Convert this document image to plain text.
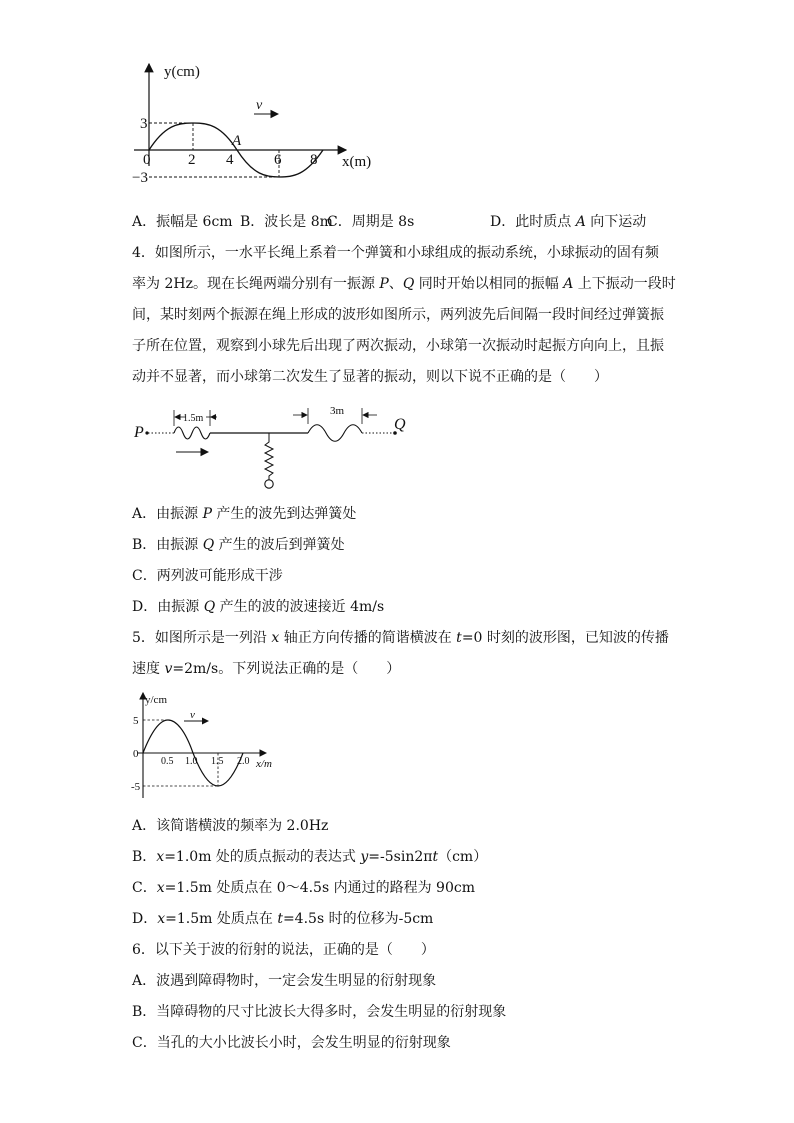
v
y(cm)
x(m)
0	2 4	6 8
3
−3
A
A．振幅是 6cm B．波长是 8m
C．周期是 8s	D．此时质点 A 向下运动
4．如图所示，一水平长绳上系着一个弹簧和小球组成的振动系统，小球振动的固有频
率为 2Hz。现在长绳两端分别有一振源 P、Q 同时开始以相同的振幅 A 上下振动一段时
间，某时刻两个振源在绳上形成的波形如图所示，两列波先后间隔一段时间经过弹簧振
子所在位置，观察到小球先后出现了两次振动，小球第一次振动时起振方向向上，且振
动并不显著，而小球第二次发生了显著的振动，则以下说不正确的是（　　）
P	Q
1.5m
3m
A．由振源 P 产生的波先到达弹簧处
B．由振源 Q 产生的波后到弹簧处
C．两列波可能形成干涉
D．由振源 Q 产生的波的波速接近 4m/s
5．如图所示是一列沿 x 轴正方向传播的简谐横波在 t=0 时刻的波形图，已知波的传播
速度 v=2m/s。下列说法正确的是（　　）
v
y/cm
x/m
0
5
-5
0.5 1.0 1.5 2.0
A．该简谐横波的频率为 2.0Hz
B．x=1.0m 处的质点振动的表达式 y=-5sin2πt（cm）
C．x=1.5m 处质点在 0～4.5s 内通过的路程为 90cm
D．x=1.5m 处质点在 t=4.5s 时的位移为-5cm
6．以下关于波的衍射的说法，正确的是（　　）
A．波遇到障碍物时，一定会发生明显的衍射现象
B．当障碍物的尺寸比波长大得多时，会发生明显的衍射现象
C．当孔的大小比波长小时，会发生明显的衍射现象
